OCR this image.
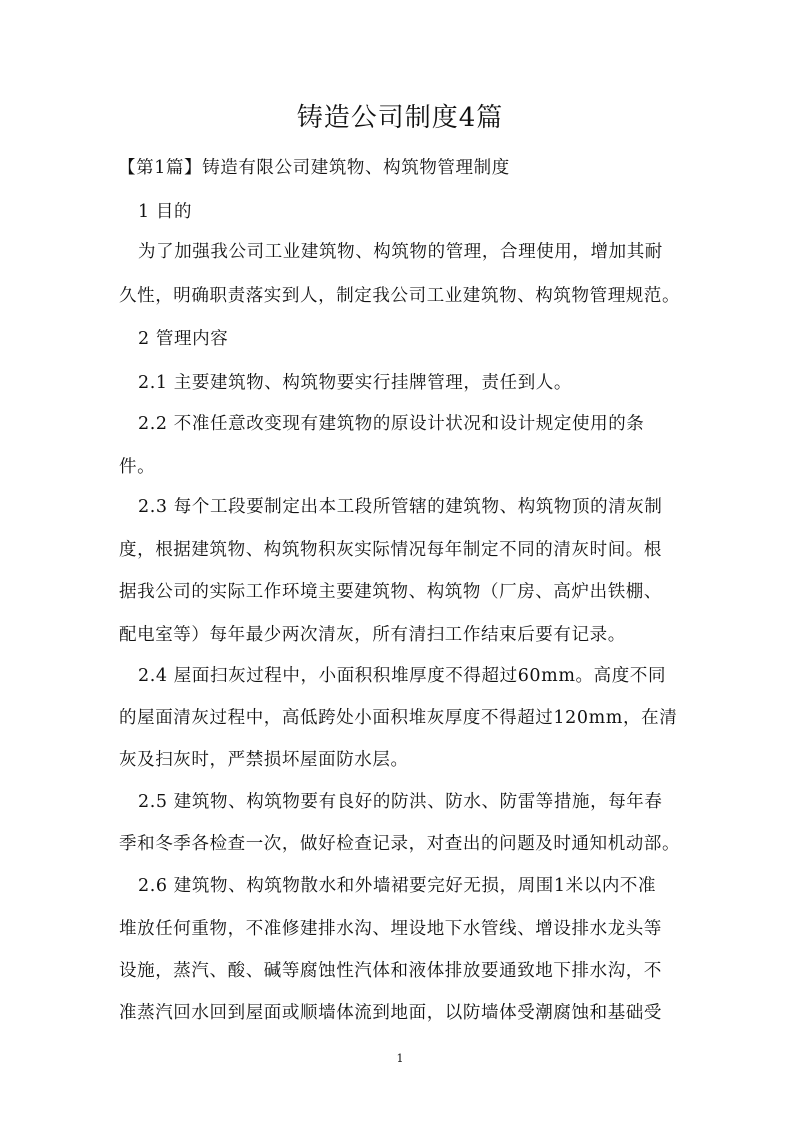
铸造公司制度4篇
【第1篇】铸造有限公司建筑物、构筑物管理制度
1 目的
为了加强我公司工业建筑物、构筑物的管理，合理使用，增加其耐
久性，明确职责落实到人，制定我公司工业建筑物、构筑物管理规范。
2 管理内容
2.1 主要建筑物、构筑物要实行挂牌管理，责任到人。
2.2 不准任意改变现有建筑物的原设计状况和设计规定使用的条
件。
2.3 每个工段要制定出本工段所管辖的建筑物、构筑物顶的清灰制
度，根据建筑物、构筑物积灰实际情况每年制定不同的清灰时间。根
据我公司的实际工作环境主要建筑物、构筑物（厂房、高炉出铁棚、
配电室等）每年最少两次清灰，所有清扫工作结束后要有记录。
2.4 屋面扫灰过程中，小面积积堆厚度不得超过60mm。高度不同
的屋面清灰过程中，高低跨处小面积堆灰厚度不得超过120mm，在清
灰及扫灰时，严禁损坏屋面防水层。
2.5 建筑物、构筑物要有良好的防洪、防水、防雷等措施，每年春
季和冬季各检查一次，做好检查记录，对查出的问题及时通知机动部。
2.6 建筑物、构筑物散水和外墙裙要完好无损，周围1米以内不准
堆放任何重物，不准修建排水沟、埋设地下水管线、增设排水龙头等
设施，蒸汽、酸、碱等腐蚀性汽体和液体排放要通致地下排水沟，不
准蒸汽回水回到屋面或顺墙体流到地面，以防墙体受潮腐蚀和基础受
1
